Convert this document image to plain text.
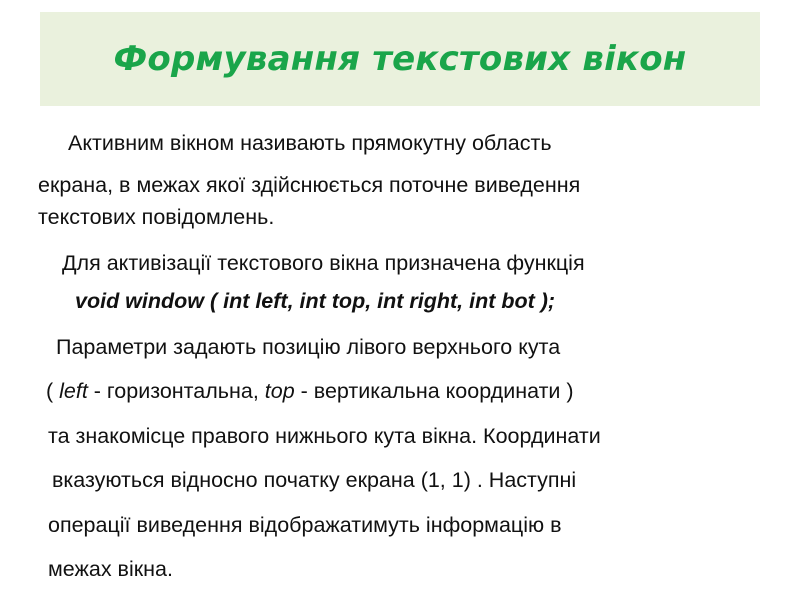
Формування текстових вікон
Активним вікном називають прямокутну область
екрана, в межах якої здійснюється поточне виведення
текстових повідомлень.
Для активізації текстового вікна призначена функція
void window ( int left, int top, int right, int bot );
Параметри задають позицію лівого верхнього кута
( left - горизонтальна, top - вертикальна координати )
та знакомісце правого нижнього кута вікна. Координати
вказуються відносно початку екрана (1, 1) . Наступні
операції виведення відображатимуть інформацію в
межах вікна.
